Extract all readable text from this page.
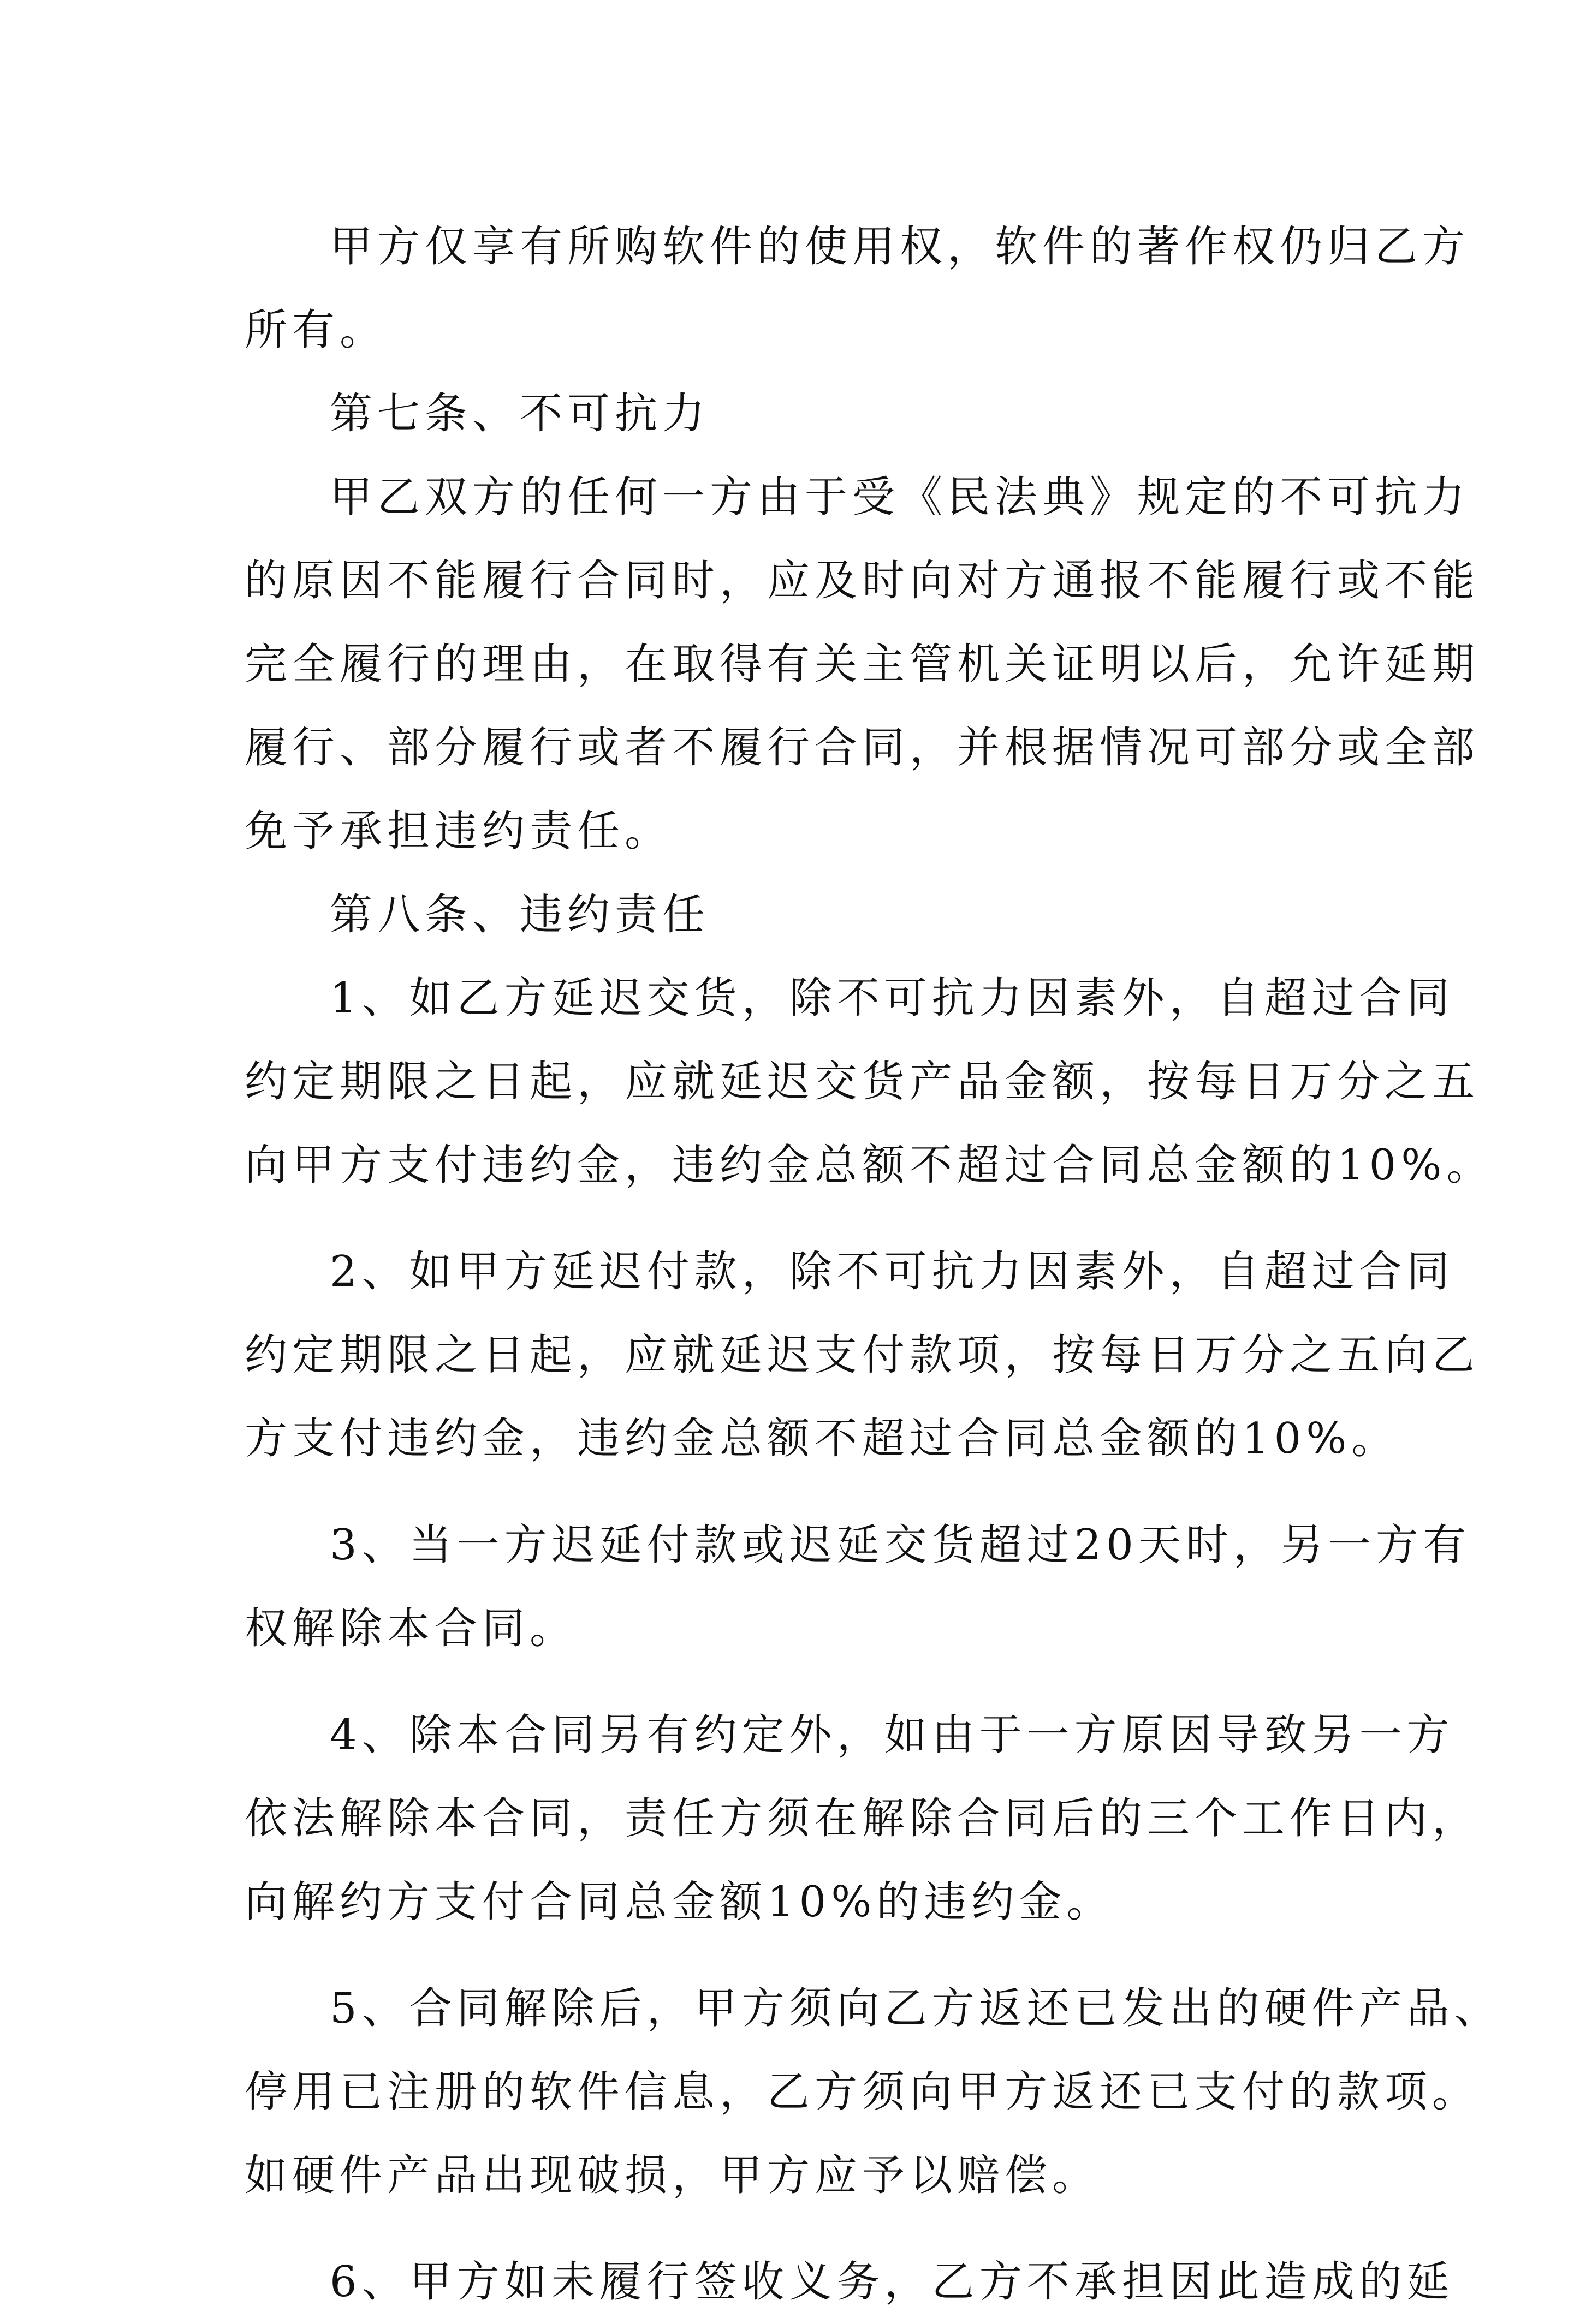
甲方仅享有所购软件的使用权，软件的著作权仍归乙方
所有。
第七条、不可抗力
甲乙双方的任何一方由于受《民法典》规定的不可抗力
的原因不能履行合同时，应及时向对方通报不能履行或不能
完全履行的理由，在取得有关主管机关证明以后，允许延期
履行、部分履行或者不履行合同，并根据情况可部分或全部
免予承担违约责任。
第八条、违约责任
1、如乙方延迟交货，除不可抗力因素外，自超过合同
约定期限之日起，应就延迟交货产品金额，按每日万分之五
向甲方支付违约金，违约金总额不超过合同总金额的10%。
2、如甲方延迟付款，除不可抗力因素外，自超过合同
约定期限之日起，应就延迟支付款项，按每日万分之五向乙
方支付违约金，违约金总额不超过合同总金额的10%。
3、当一方迟延付款或迟延交货超过20天时，另一方有
权解除本合同。
4、除本合同另有约定外，如由于一方原因导致另一方
依法解除本合同，责任方须在解除合同后的三个工作日内，
向解约方支付合同总金额10%的违约金。
5、合同解除后，甲方须向乙方返还已发出的硬件产品、
停用已注册的软件信息，乙方须向甲方返还已支付的款项。
如硬件产品出现破损，甲方应予以赔偿。
6、甲方如未履行签收义务，乙方不承担因此造成的延
